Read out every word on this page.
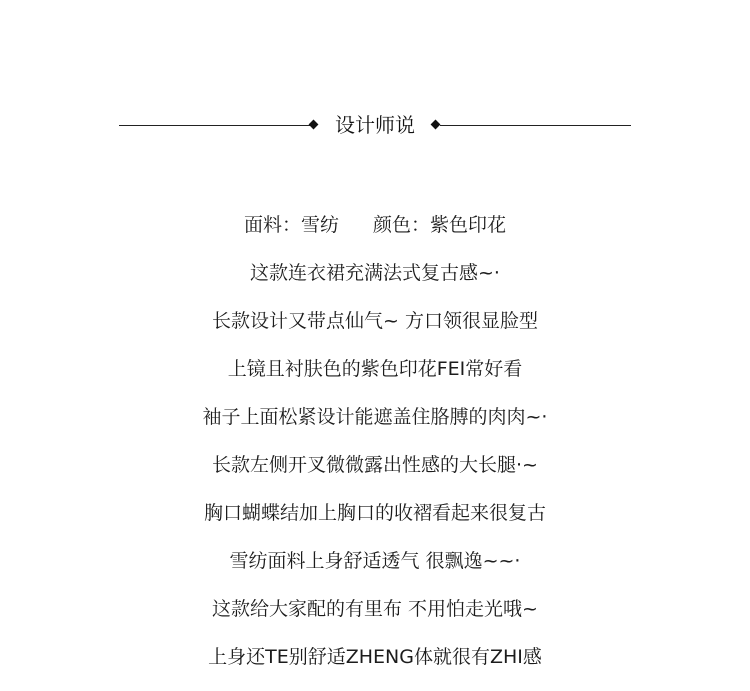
设计师说
面料：雪纺 颜色：紫色印花
这款连衣裙充满法式复古感~·
长款设计又带点仙气~ 方口领很显脸型
上镜且衬肤色的紫色印花FEI常好看
袖子上面松紧设计能遮盖住胳膊的肉肉~·
长款左侧开叉微微露出性感的大长腿·~
胸口蝴蝶结加上胸口的收褶看起来很复古
雪纺面料上身舒适透气 很飘逸~~·
这款给大家配的有里布 不用怕走光哦~
上身还TE别舒适ZHENG体就很有ZHI感
